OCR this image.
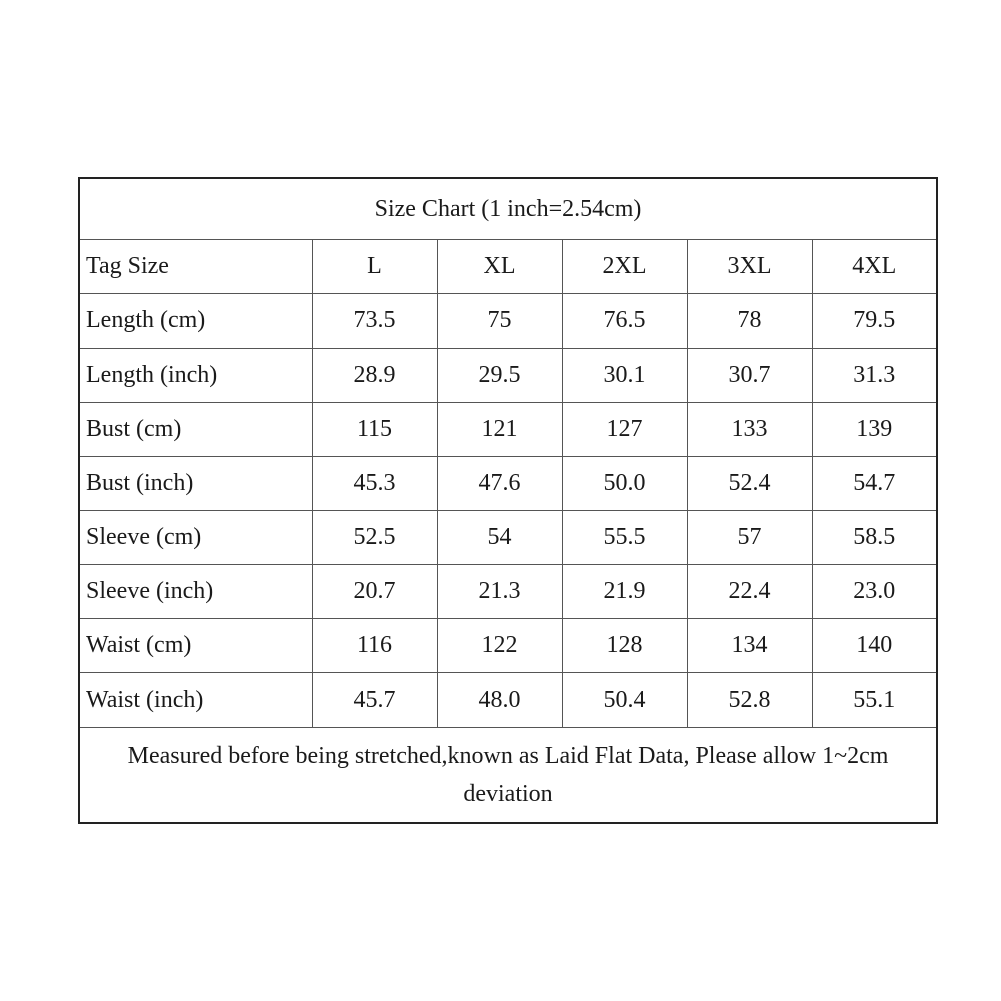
Size Chart (1 inch=2.54cm)					
Tag Size	L	XL	2XL	3XL	4XL
Length (cm)	73.5	75	76.5	78	79.5
Length (inch)	28.9	29.5	30.1	30.7	31.3
Bust (cm)	115	121	127	133	139
Bust (inch)	45.3	47.6	50.0	52.4	54.7
Sleeve (cm)	52.5	54	55.5	57	58.5
Sleeve (inch)	20.7	21.3	21.9	22.4	23.0
Waist (cm)	116	122	128	134	140
Waist (inch)	45.7	48.0	50.4	52.8	55.1
Measured before being stretched,known as Laid Flat Data, Please allow 1~2cm deviation					
